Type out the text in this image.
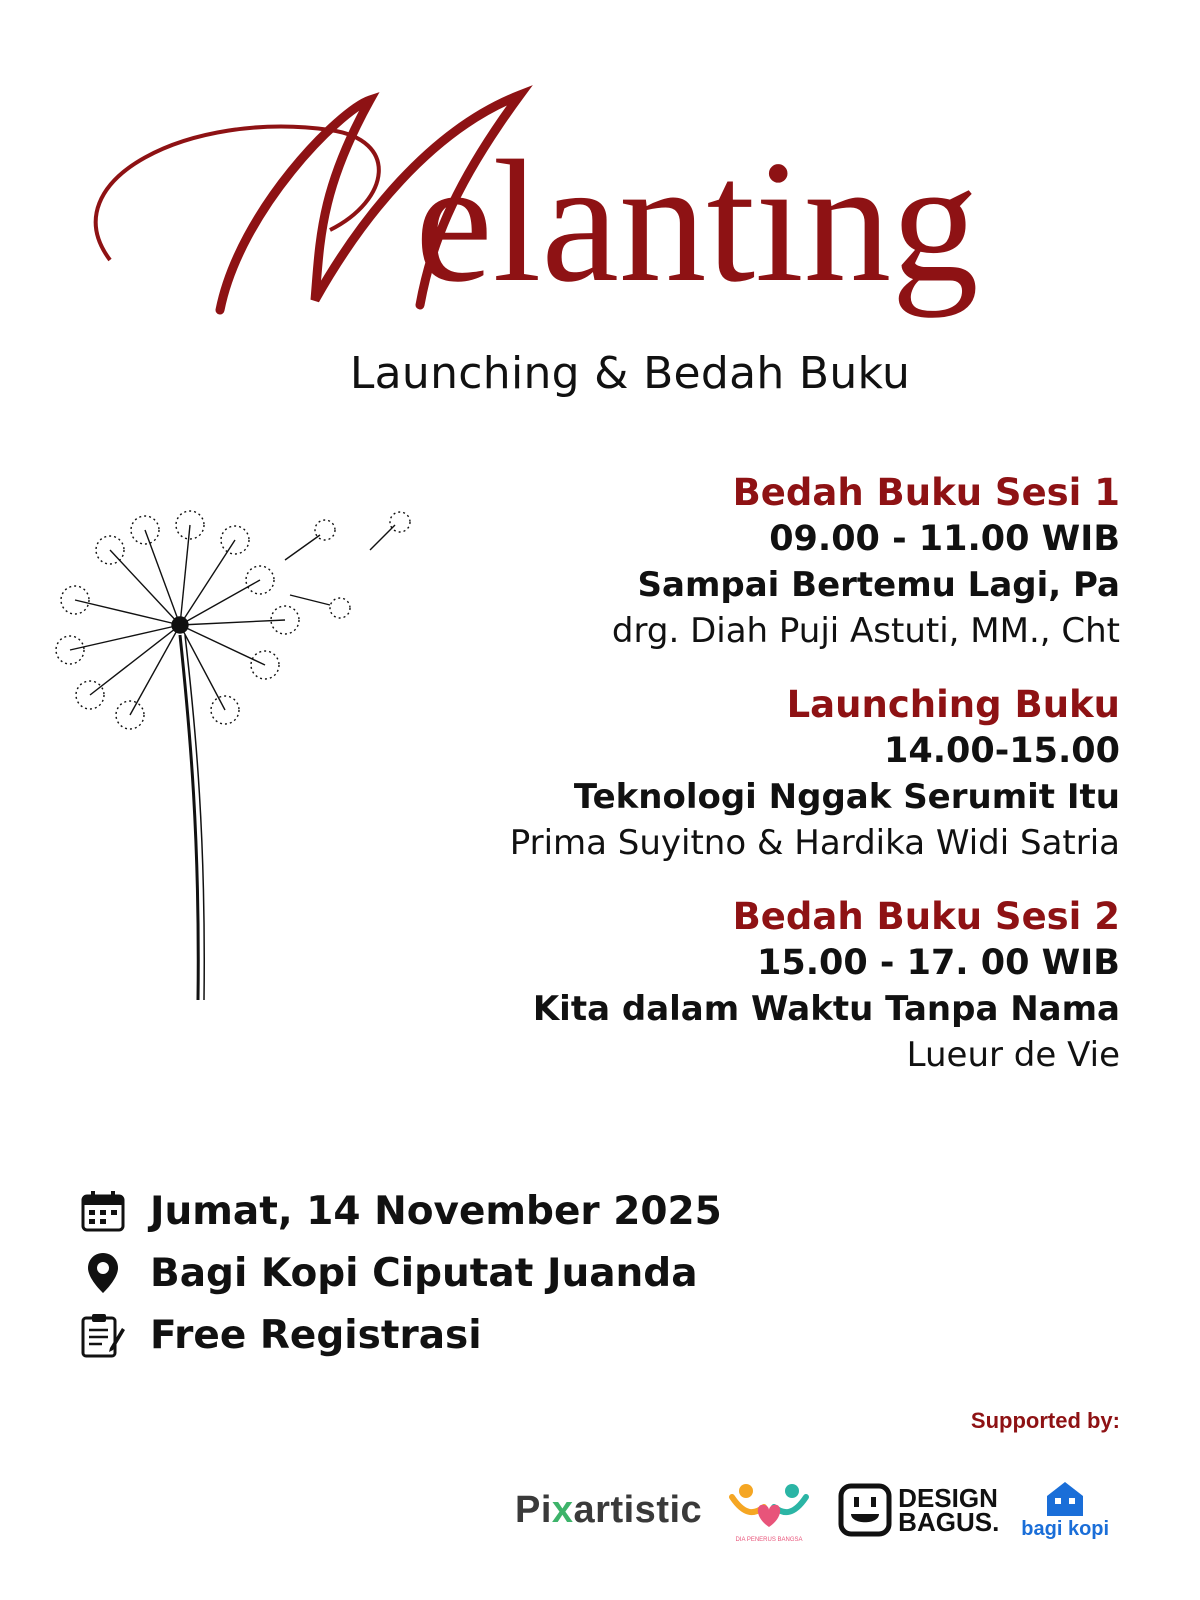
elanting
Launching & Bedah Buku
Bedah Buku Sesi 1
09.00 - 11.00 WIB
Sampai Bertemu Lagi, Pa
drg. Diah Puji Astuti, MM., Cht
Launching Buku
14.00-15.00
Teknologi Nggak Serumit Itu
Prima Suyitno & Hardika Widi Satria
Bedah Buku Sesi 2
15.00 - 17. 00 WIB
Kita dalam Waktu Tanpa Nama
Lueur de Vie
Jumat, 14 November 2025
Bagi Kopi Ciputat Juanda
Free Registrasi
Supported by:
Pixartistic
DIA PENERUS BANGSA
DESIGN
BAGUS. bagi kopi
